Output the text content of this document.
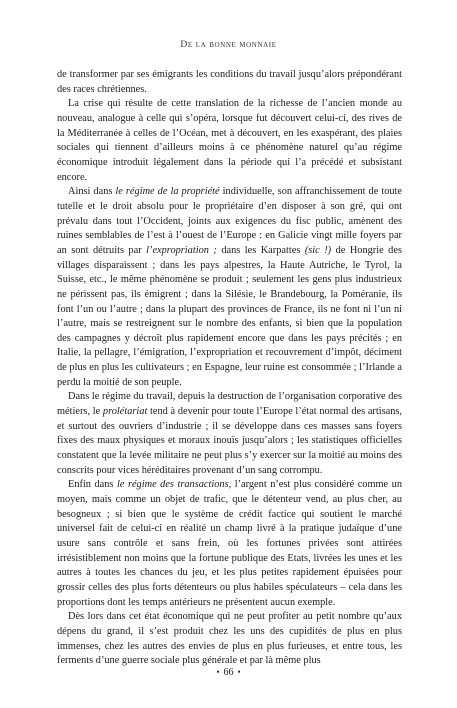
De la bonne monnaie

de transformer par ses émigrants les conditions du travail jusqu’alors prépondérant des races chrétiennes.

La crise qui résulte de cette translation de la richesse de l’ancien monde au nouveau, analogue à celle qui s’opéra, lorsque fut découvert celui-ci, des rives de la Méditerranée à celles de l’Océan, met à découvert, en les exaspérant, des plaies sociales qui tiennent d’ailleurs moins à ce phénomène naturel qu’au régime économique introduit légalement dans la période qui l’a précédé et subsistant encore.

Ainsi dans le régime de la propriété individuelle, son affranchissement de toute tutelle et le droit absolu pour le propriétaire d’en disposer à son gré, qui ont prévalu dans tout l’Occident, joints aux exigences du fisc public, amènent des ruines semblables de l’est à l’ouest de l’Europe : en Galicie vingt mille foyers par an sont détruits par l’expropriation ; dans les Karpattes (sic !) de Hongrie des villages disparaissent ; dans les pays alpestres, la Haute Autriche, le Tyrol, la Suisse, etc., le même phénomène se produit ; seulement les gens plus industrieux ne périssent pas, ils émigrent ; dans la Silésie, le Brandebourg, la Poméranie, ils font l’un ou l’autre ; dans la plupart des provinces de France, ils ne font ni l’un ni l’autre, mais se restreignent sur le nombre des enfants, si bien que la population des campagnes y décroît plus rapidement encore que dans les pays précités ; en Italie, la pellagre, l’émigration, l’expropriation et recouvrement d’impôt, déciment de plus en plus les cultivateurs ; en Espagne, leur ruine est consommée ; l’Irlande a perdu la moitié de son peuple.

Dans le régime du travail, depuis la destruction de l’organisation corporative des métiers, le prolétariat tend à devenir pour toute l’Europe l’état normal des artisans, et surtout des ouvriers d’industrie ; il se développe dans ces masses sans foyers fixes des maux physiques et moraux inouïs jusqu’alors ; les statistiques officielles constatent que la levée militaire ne peut plus s’y exercer sur la moitié au moins des conscrits pour vices héréditaires provenant d’un sang corrompu.

Enfin dans le régime des transactions, l’argent n’est plus considéré comme un moyen, mais comme un objet de trafic, que le détenteur vend, au plus cher, au besogneux ; si bien que le système de crédit factice qui soutient le marché universel fait de celui-ci en réalité un champ livré à la pratique judaïque d’une usure sans contrôle et sans frein, où les fortunes privées sont attirées irrésistiblement non moins que la fortune publique des Etats, livrées les unes et les autres à toutes les chances du jeu, et les plus petites rapidement épuisées pour grossir celles des plus forts détenteurs ou plus habiles spéculateurs – cela dans les proportions dont les temps antérieurs ne présentent aucun exemple.

Dès lors dans cet état économique qui ne peut profiter au petit nombre qu’aux dépens du grand, il s’est produit chez les uns des cupidités de plus en plus immenses, chez les autres des envies de plus en plus furieuses, et entre tous, les ferments d’une guerre sociale plus générale et par là même plus

• 66 •
